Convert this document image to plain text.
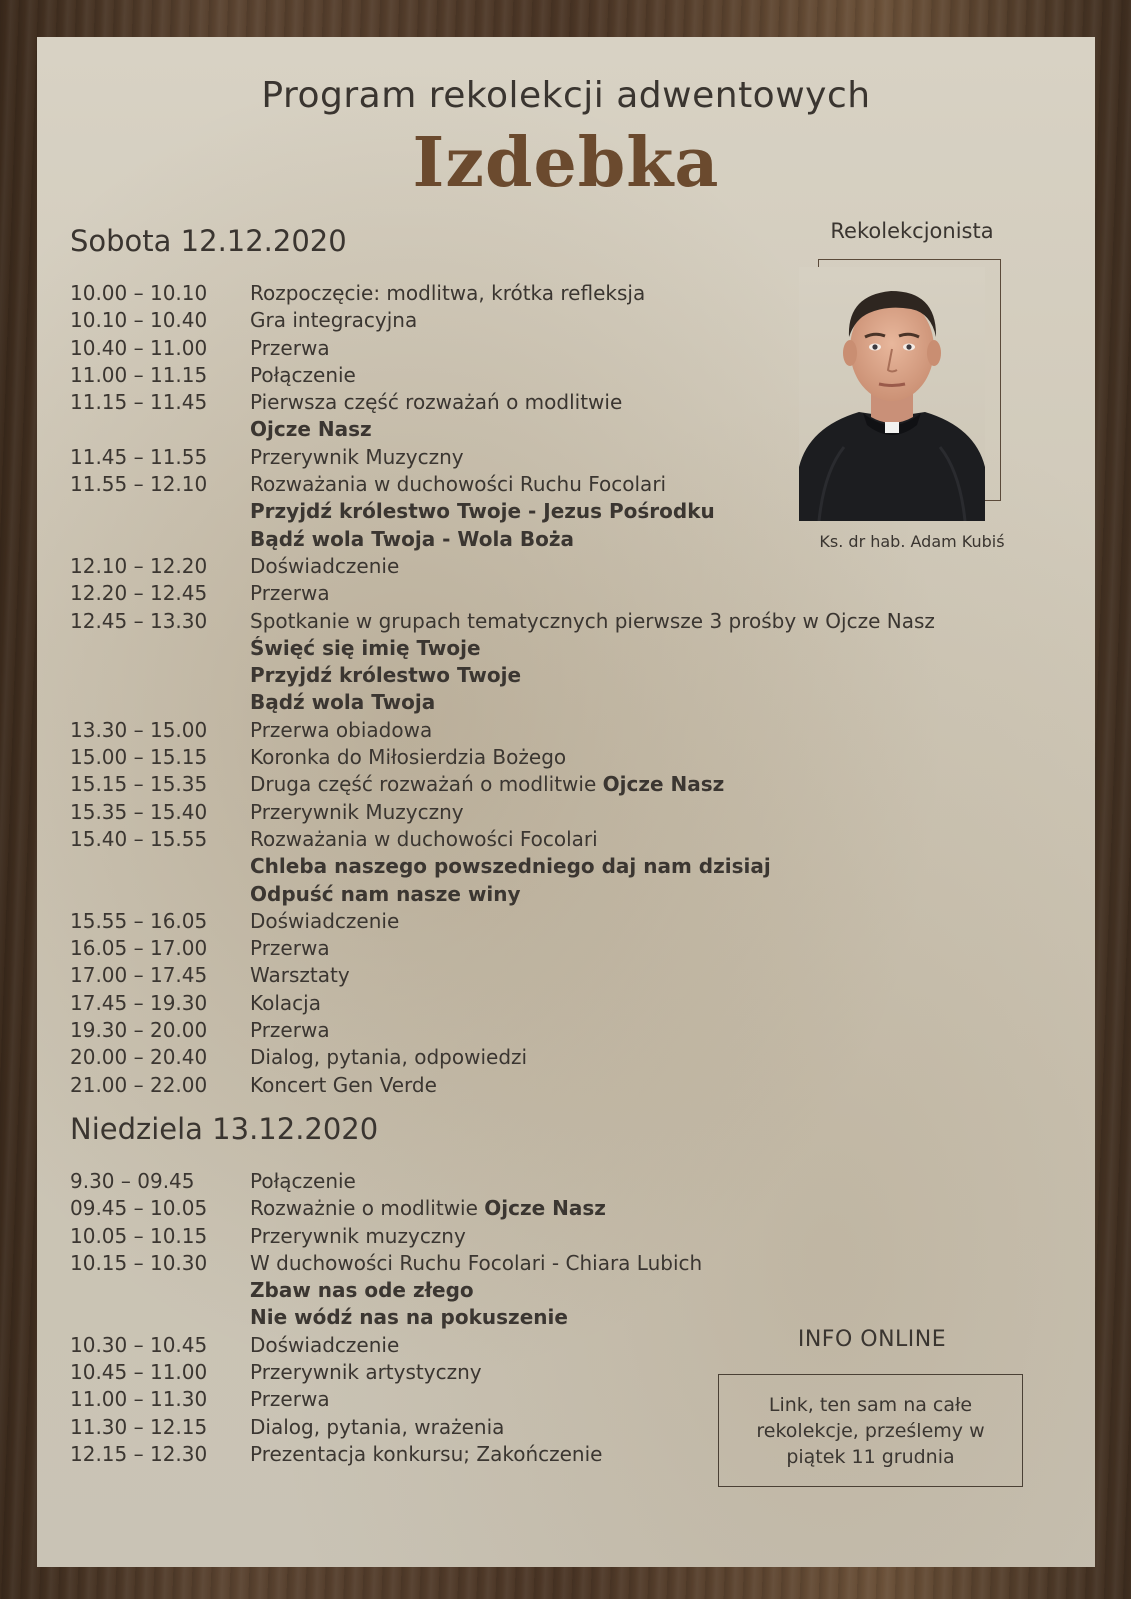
Program rekolekcji adwentowych
Izdebka
Sobota 12.12.2020
10.00 – 10.10	Rozpoczęcie: modlitwa, krótka refleksja
10.10 – 10.40	Gra integracyjna
10.40 – 11.00	Przerwa
11.00 – 11.15	Połączenie
11.15 – 11.45	Pierwsza część rozważań o modlitwie
Ojcze Nasz
11.45 – 11.55	Przerywnik Muzyczny
11.55 – 12.10	Rozważania w duchowości Ruchu Focolari
Przyjdź królestwo Twoje - Jezus Pośrodku
Bądź wola Twoja - Wola Boża
12.10 – 12.20	Doświadczenie
12.20 – 12.45	Przerwa
12.45 – 13.30	Spotkanie w grupach tematycznych pierwsze 3 prośby w Ojcze Nasz
Święć się imię Twoje
Przyjdź królestwo Twoje
Bądź wola Twoja
13.30 – 15.00	Przerwa obiadowa
15.00 – 15.15	Koronka do Miłosierdzia Bożego
15.15 – 15.35	Druga część rozważań o modlitwie Ojcze Nasz
15.35 – 15.40	Przerywnik Muzyczny
15.40 – 15.55	Rozważania w duchowości Focolari
Chleba naszego powszedniego daj nam dzisiaj
Odpuść nam nasze winy
15.55 – 16.05	Doświadczenie
16.05 – 17.00	Przerwa
17.00 – 17.45	Warsztaty
17.45 – 19.30	Kolacja
19.30 – 20.00	Przerwa
20.00 – 20.40	Dialog, pytania, odpowiedzi
21.00 – 22.00	Koncert Gen Verde
Niedziela 13.12.2020
9.30 – 09.45	Połączenie
09.45 – 10.05	Rozważnie o modlitwie Ojcze Nasz
10.05 – 10.15	Przerywnik muzyczny
10.15 – 10.30	W duchowości Ruchu Focolari - Chiara Lubich
Zbaw nas ode złego
Nie wódź nas na pokuszenie
10.30 – 10.45	Doświadczenie
10.45 – 11.00	Przerywnik artystyczny
11.00 – 11.30	Przerwa
11.30 – 12.15	Dialog, pytania, wrażenia
12.15 – 12.30	Prezentacja konkursu; Zakończenie
Rekolekcjonista
Ks. dr hab. Adam Kubiś
INFO ONLINE
Link, ten sam na całe rekolekcje, prześlemy w piątek 11 grudnia
